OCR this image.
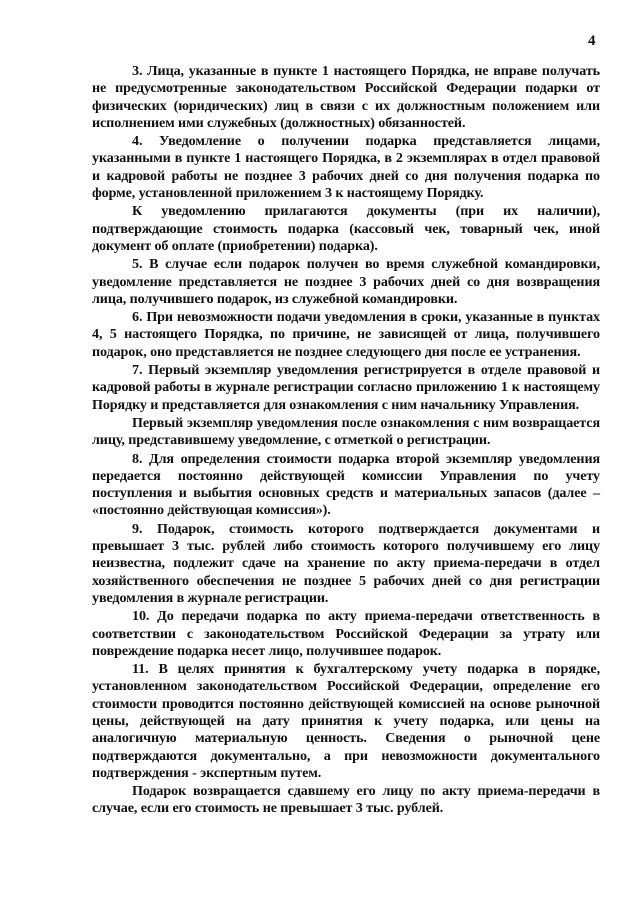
4

3. Лица, указанные в пункте 1 настоящего Порядка, не вправе получать не предусмотренные законодательством Российской Федерации подарки от физических (юридических) лиц в связи с их должностным положением или исполнением ими служебных (должностных) обязанностей.

4. Уведомление о получении подарка представляется лицами, указанными в пункте 1 настоящего Порядка, в 2 экземплярах в отдел правовой и кадровой работы не позднее 3 рабочих дней со дня получения подарка по форме, установленной приложением 3 к настоящему Порядку.

К уведомлению прилагаются документы (при их наличии), подтверждающие стоимость подарка (кассовый чек, товарный чек, иной документ об оплате (приобретении) подарка).

5. В случае если подарок получен во время служебной командировки, уведомление представляется не позднее 3 рабочих дней со дня возвращения лица, получившего подарок, из служебной командировки.

6. При невозможности подачи уведомления в сроки, указанные в пунктах 4, 5 настоящего Порядка, по причине, не зависящей от лица, получившего подарок, оно представляется не позднее следующего дня после ее устранения.

7. Первый экземпляр уведомления регистрируется в отделе правовой и кадровой работы в журнале регистрации согласно приложению 1 к настоящему Порядку и представляется для ознакомления с ним начальнику Управления.

Первый экземпляр уведомления после ознакомления с ним возвращается лицу, представившему уведомление, с отметкой о регистрации.

8. Для определения стоимости подарка второй экземпляр уведомления передается постоянно действующей комиссии Управления по учету поступления и выбытия основных средств и материальных запасов (далее – «постоянно действующая комиссия»).

9. Подарок, стоимость которого подтверждается документами и превышает 3 тыс. рублей либо стоимость которого получившему его лицу неизвестна, подлежит сдаче на хранение по акту приема-передачи в отдел хозяйственного обеспечения не позднее 5 рабочих дней со дня регистрации уведомления в журнале регистрации.

10. До передачи подарка по акту приема-передачи ответственность в соответствии с законодательством Российской Федерации за утрату или повреждение подарка несет лицо, получившее подарок.

11. В целях принятия к бухгалтерскому учету подарка в порядке, установленном законодательством Российской Федерации, определение его стоимости проводится постоянно действующей комиссией на основе рыночной цены, действующей на дату принятия к учету подарка, или цены на аналогичную материальную ценность. Сведения о рыночной цене подтверждаются документально, а при невозможности документального подтверждения - экспертным путем.

Подарок возвращается сдавшему его лицу по акту приема-передачи в случае, если его стоимость не превышает 3 тыс. рублей.
